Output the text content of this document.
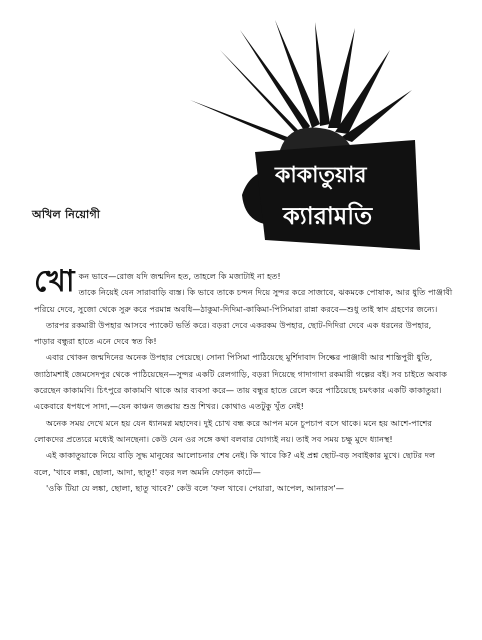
কাকাতুয়ার
ক্যারামতি
অখিল নিয়োগী

খো কন ভাবে—রোজ যদি জন্মদিন হত, তাহলে কি মজাটাই না হত!
তাকে নিয়েই যেন সারাবাড়ি ব্যস্ত। কি ভাবে তাকে চন্দন দিয়ে সুন্দর করে সাজাবে, ঝকমকে পোষাক, আর ধুতি পাঞ্জাবী পরিয়ে দেবে, সুজো থেকে সুরু করে পরমান্ন অবধি—ঠাকুমা-দিদিমা-কাকিমা-পিসিমারা রান্না করবে—শুধু তাই স্বাদ গ্রহণের জন্যে।

তারপর রকমারী উপহার আসবে প্যাকেট ভর্তি করে। বড়রা দেবে একরকম উপহার, ছোট-দিদিরা দেবে এক ধরনের উপহার, পাড়ার বন্ধুরা হাতে এনে দেবে স্বত কি!

এবার খোকন জন্মদিনের অনেক উপহার পেয়েছে। সোনা পিসিমা পাঠিয়েছে মুর্শিদাবাদ সিল্কের পাঞ্জাবী আর শান্তিপুরী ধুতি, জ্যাঠামশাই জেমসেদপুর থেকে পাঠিয়েছেন—সুন্দর একটি রেলগাড়ি, বড়রা দিয়েছে গাদাগাদা রকমারী গল্পের বই। সব চাইতে অবাক করেছেন কাকামণি। চিৎপুরে কাকামণি থাকে আর ব্যবসা করে— তায় বন্ধুর হাতে রেলে করে পাঠিয়েছে চমৎকার একটি কাকাতুয়া। একেবারে ধপধপে সাদা,—যেন কাঞ্চন জঙ্ঘায় শুভ্র শিখর। কোথাও এতটুকু খুঁত নেই!

অনেক সময় দেখে মনে হয় যেন ধ্যানমগ্ন মহাদেব। দুই চোখ বন্ধ করে আপন মনে চুপচাপ বসে থাকে। মনে হয় আশে-পাশের লোকদের প্রত্যেরে মধ্যেই আনছেনা। কেউ যেন ওর সঙ্গে কথা বলবার যোগ্যই নয়। তাই সব সময় চক্ষু মুদে ধ্যানস্থ!

এই কাকাতুয়াকে নিয়ে বাড়ি সুদ্ধ মানুষের আলোচনার শেষ নেই। কি খাবে কি? এই প্রশ্ন ছোট-বড় সবাইকার মুখে। ছোটর দল বলে, 'খাবে লঙ্কা, ছোলা, আদা, ছাতু!' বড়র দল অমনি ফোড়ন কাটে—

'ওকি টিয়া যে লঙ্কা, ছোলা, ছাতু খাবে?' কেউ বলে 'ফল খাবে। পেয়ারা, আপেল, আনারস'—
